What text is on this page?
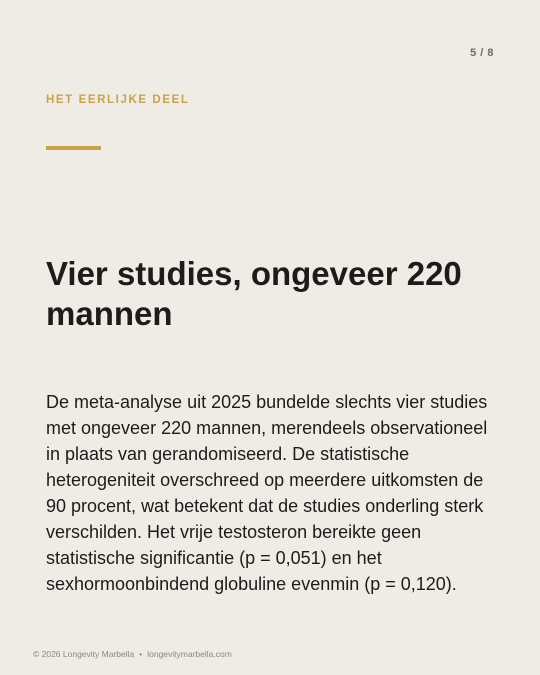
5 / 8
HET EERLIJKE DEEL
Vier studies, ongeveer 220 mannen

De meta-analyse uit 2025 bundelde slechts vier studies met ongeveer 220 mannen, merendeels observationeel in plaats van gerandomiseerd. De statistische heterogeniteit overschreed op meerdere uitkomsten de 90 procent, wat betekent dat de studies onderling sterk verschilden. Het vrije testosteron bereikte geen statistische significantie (p = 0,051) en het sexhormoonbindend globuline evenmin (p = 0,120).

© 2026 Longevity Marbella • longevitymarbella.com
